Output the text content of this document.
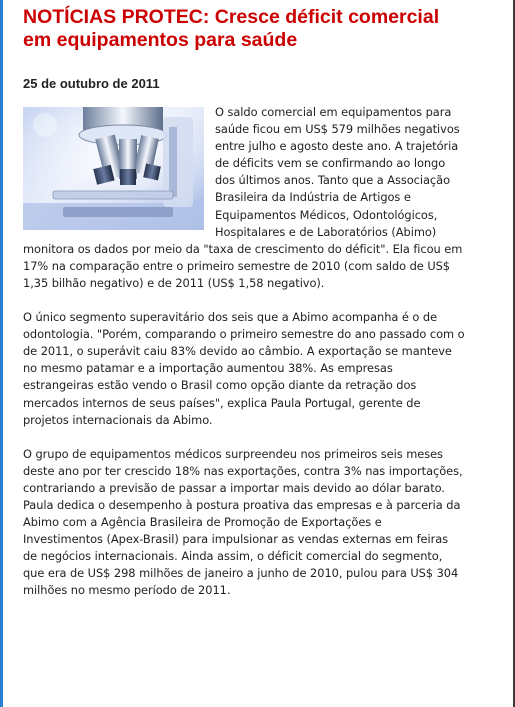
NOTÍCIAS PROTEC: Cresce déficit comercial
em equipamentos para saúde
25 de outubro de 2011

O saldo comercial em equipamentos para saúde ficou em US$ 579 milhões negativos entre julho e agosto deste ano. A trajetória de déficits vem se confirmando ao longo dos últimos anos. Tanto que a Associação Brasileira da Indústria de Artigos e Equipamentos Médicos, Odontológicos, Hospitalares e de Laboratórios (Abimo) monitora os dados por meio da "taxa de crescimento do déficit". Ela ficou em 17% na comparação entre o primeiro semestre de 2010 (com saldo de US$ 1,35 bilhão negativo) e de 2011 (US$ 1,58 negativo).

O único segmento superavitário dos seis que a Abimo acompanha é o de odontologia. "Porém, comparando o primeiro semestre do ano passado com o de 2011, o superávit caiu 83% devido ao câmbio. A exportação se manteve no mesmo patamar e a importação aumentou 38%. As empresas estrangeiras estão vendo o Brasil como opção diante da retração dos mercados internos de seus países", explica Paula Portugal, gerente de projetos internacionais da Abimo.

O grupo de equipamentos médicos surpreendeu nos primeiros seis meses deste ano por ter crescido 18% nas exportações, contra 3% nas importações, contrariando a previsão de passar a importar mais devido ao dólar barato. Paula dedica o desempenho à postura proativa das empresas e à parceria da Abimo com a Agência Brasileira de Promoção de Exportações e Investimentos (Apex-Brasil) para impulsionar as vendas externas em feiras de negócios internacionais. Ainda assim, o déficit comercial do segmento, que era de US$ 298 milhões de janeiro a junho de 2010, pulou para US$ 304 milhões no mesmo período de 2011.
